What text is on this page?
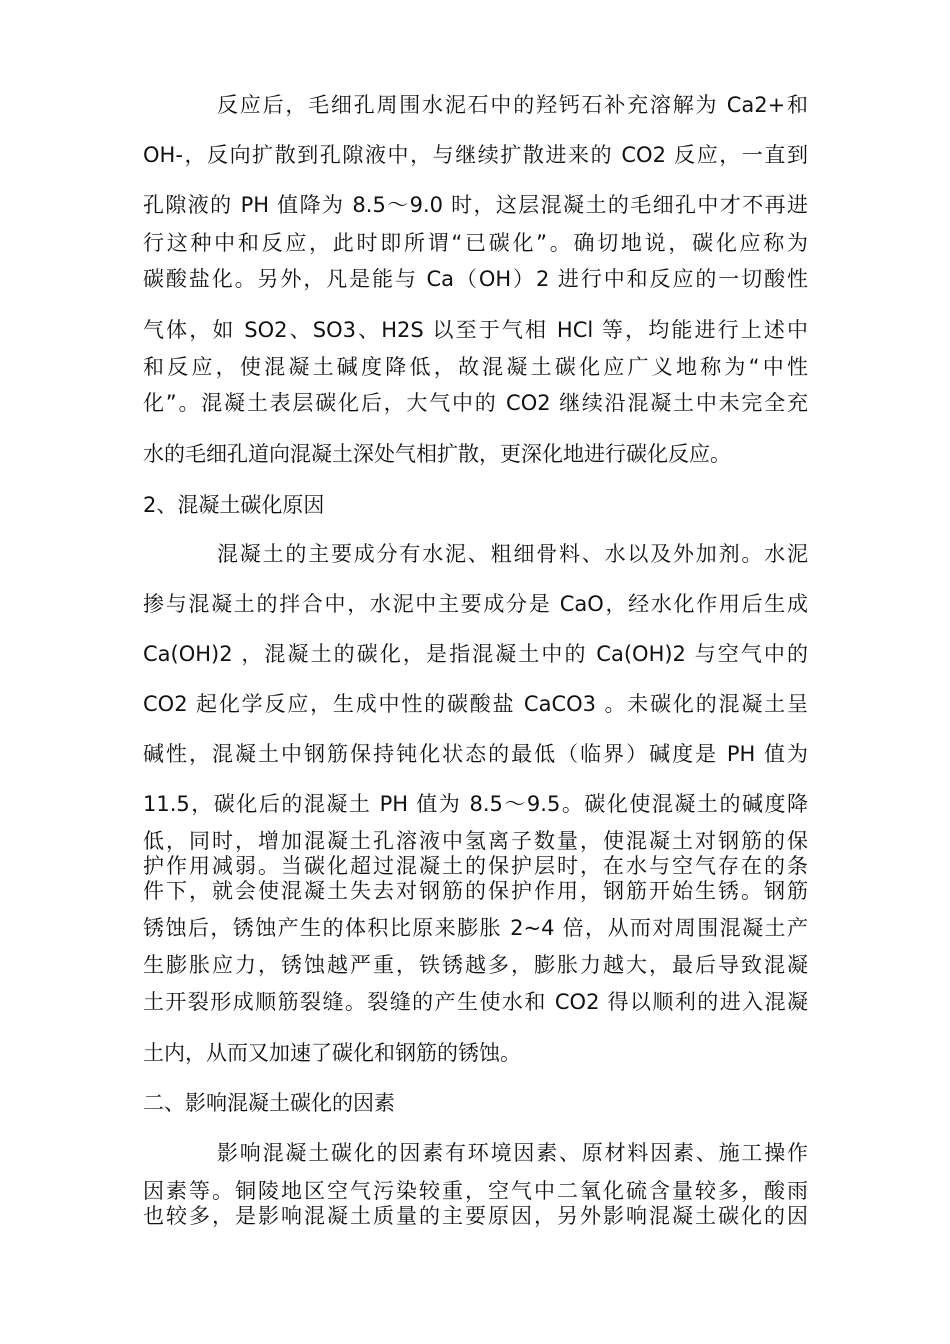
反应后，毛细孔周围水泥石中的羟钙石补充溶解为 Ca2+和
OH-，反向扩散到孔隙液中，与继续扩散进来的 CO2 反应，一直到
孔隙液的 PH 值降为 8.5～9.0 时，这层混凝土的毛细孔中才不再进
行这种中和反应，此时即所谓“已碳化”。确切地说，碳化应称为
碳酸盐化。另外，凡是能与 Ca（OH）2 进行中和反应的一切酸性
气体，如 SO2、SO3、H2S 以至于气相 HCl 等，均能进行上述中
和反应，使混凝土碱度降低，故混凝土碳化应广义地称为“中性
化”。混凝土表层碳化后，大气中的 CO2 继续沿混凝土中未完全充
水的毛细孔道向混凝土深处气相扩散，更深化地进行碳化反应。
2、混凝土碳化原因
混凝土的主要成分有水泥、粗细骨料、水以及外加剂。水泥
掺与混凝土的拌合中，水泥中主要成分是 CaO，经水化作用后生成
Ca(OH)2 ，混凝土的碳化，是指混凝土中的 Ca(OH)2 与空气中的
CO2 起化学反应，生成中性的碳酸盐 CaCO3 。未碳化的混凝土呈
碱性，混凝土中钢筋保持钝化状态的最低（临界）碱度是 PH 值为
11.5，碳化后的混凝土 PH 值为 8.5～9.5。碳化使混凝土的碱度降
低，同时，增加混凝土孔溶液中氢离子数量，使混凝土对钢筋的保
护作用减弱。当碳化超过混凝土的保护层时，在水与空气存在的条
件下，就会使混凝土失去对钢筋的保护作用，钢筋开始生锈。钢筋
锈蚀后，锈蚀产生的体积比原来膨胀 2~4 倍，从而对周围混凝土产
生膨胀应力，锈蚀越严重，铁锈越多，膨胀力越大，最后导致混凝
土开裂形成顺筋裂缝。裂缝的产生使水和 CO2 得以顺利的进入混凝
土内，从而又加速了碳化和钢筋的锈蚀。
二、影响混凝土碳化的因素
影响混凝土碳化的因素有环境因素、原材料因素、施工操作
因素等。铜陵地区空气污染较重，空气中二氧化硫含量较多，酸雨
也较多，是影响混凝土质量的主要原因，另外影响混凝土碳化的因
